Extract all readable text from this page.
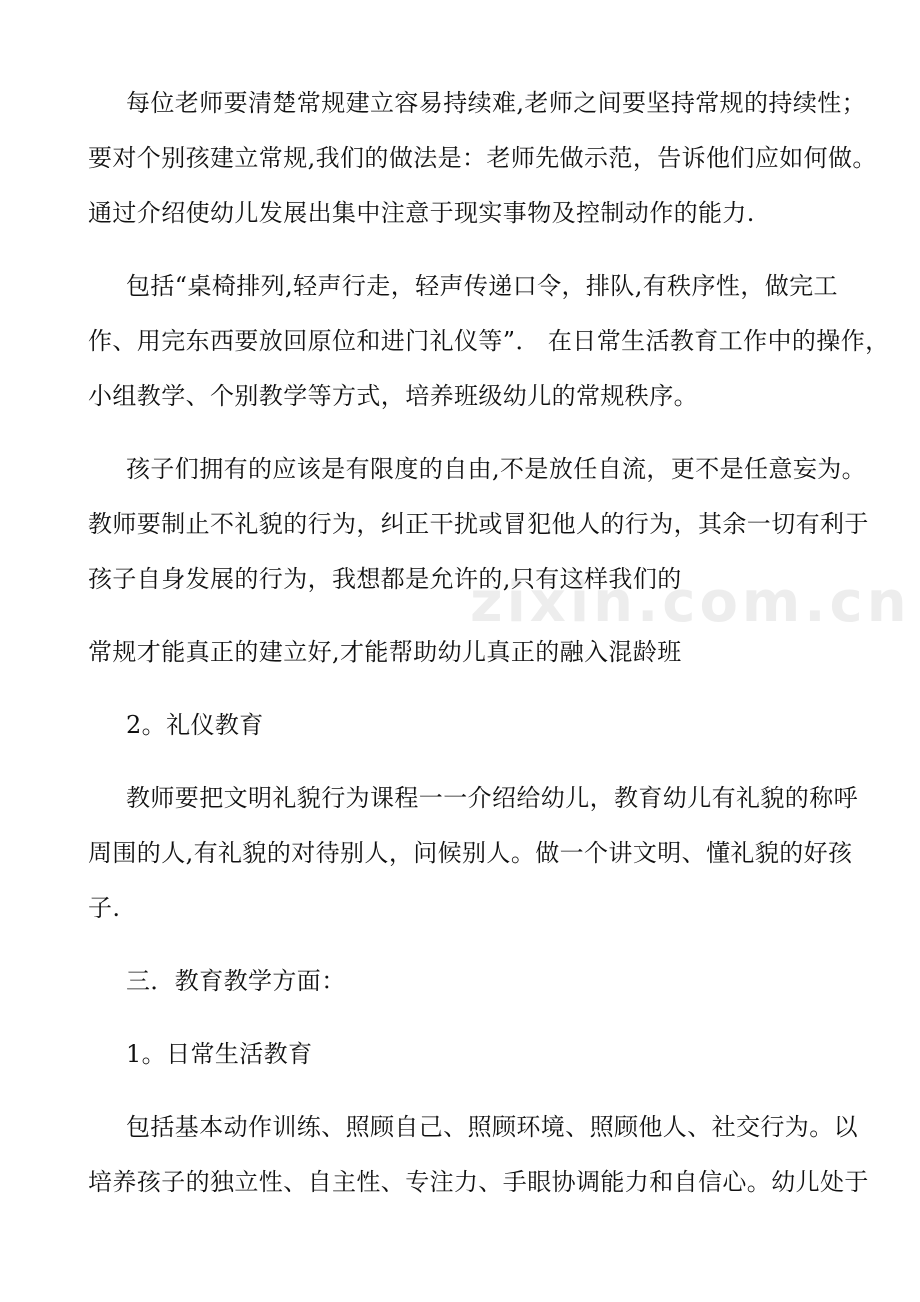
每位老师要清楚常规建立容易持续难,老师之间要坚持常规的持续性；
要对个别孩建立常规,我们的做法是：老师先做示范，告诉他们应如何做。
通过介绍使幼儿发展出集中注意于现实事物及控制动作的能力.
包括“桌椅排列,轻声行走，轻声传递口令，排队,有秩序性，做完工
作、用完东西要放回原位和进门礼仪等”． 在日常生活教育工作中的操作，
小组教学、个别教学等方式，培养班级幼儿的常规秩序。
孩子们拥有的应该是有限度的自由,不是放任自流，更不是任意妄为。
教师要制止不礼貌的行为，纠正干扰或冒犯他人的行为，其余一切有利于
孩子自身发展的行为，我想都是允许的,只有这样我们的
常规才能真正的建立好,才能帮助幼儿真正的融入混龄班
2。礼仪教育
教师要把文明礼貌行为课程一一介绍给幼儿，教育幼儿有礼貌的称呼
周围的人,有礼貌的对待别人，问候别人。做一个讲文明、懂礼貌的好孩
子.
三．教育教学方面：
1。日常生活教育
包括基本动作训练、照顾自己、照顾环境、照顾他人、社交行为。以
培养孩子的独立性、自主性、专注力、手眼协调能力和自信心。幼儿处于
zixin.com.cn
